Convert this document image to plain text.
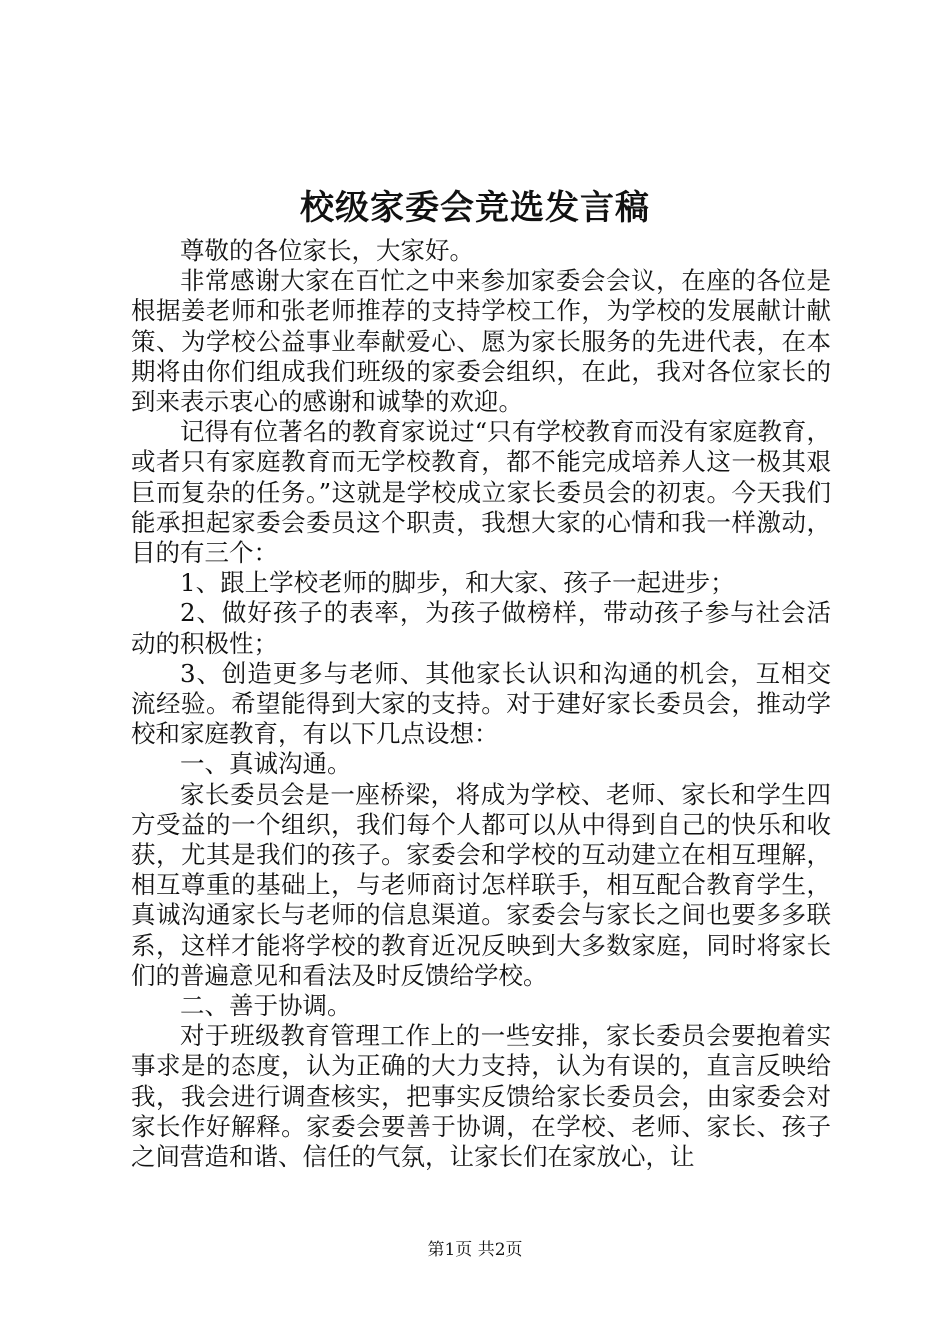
校级家委会竞选发言稿

尊敬的各位家长，大家好。

非常感谢大家在百忙之中来参加家委会会议，在座的各位是根据姜老师和张老师推荐的支持学校工作，为学校的发展献计献策、为学校公益事业奉献爱心、愿为家长服务的先进代表，在本期将由你们组成我们班级的家委会组织，在此，我对各位家长的到来表示衷心的感谢和诚挚的欢迎。

记得有位著名的教育家说过“只有学校教育而没有家庭教育，或者只有家庭教育而无学校教育，都不能完成培养人这一极其艰巨而复杂的任务。”这就是学校成立家长委员会的初衷。今天我们能承担起家委会委员这个职责，我想大家的心情和我一样激动，目的有三个：

1、跟上学校老师的脚步，和大家、孩子一起进步；

2、做好孩子的表率，为孩子做榜样，带动孩子参与社会活动的积极性；

3、创造更多与老师、其他家长认识和沟通的机会，互相交流经验。希望能得到大家的支持。对于建好家长委员会，推动学校和家庭教育，有以下几点设想：

一、真诚沟通。

家长委员会是一座桥梁，将成为学校、老师、家长和学生四方受益的一个组织，我们每个人都可以从中得到自己的快乐和收获，尤其是我们的孩子。家委会和学校的互动建立在相互理解，相互尊重的基础上，与老师商讨怎样联手，相互配合教育学生，真诚沟通家长与老师的信息渠道。家委会与家长之间也要多多联系，这样才能将学校的教育近况反映到大多数家庭，同时将家长们的普遍意见和看法及时反馈给学校。

二、善于协调。

对于班级教育管理工作上的一些安排，家长委员会要抱着实事求是的态度，认为正确的大力支持，认为有误的，直言反映给我，我会进行调查核实，把事实反馈给家长委员会，由家委会对家长作好解释。家委会要善于协调，在学校、老师、家长、孩子之间营造和谐、信任的气氛，让家长们在家放心，让

第1页 共2页
